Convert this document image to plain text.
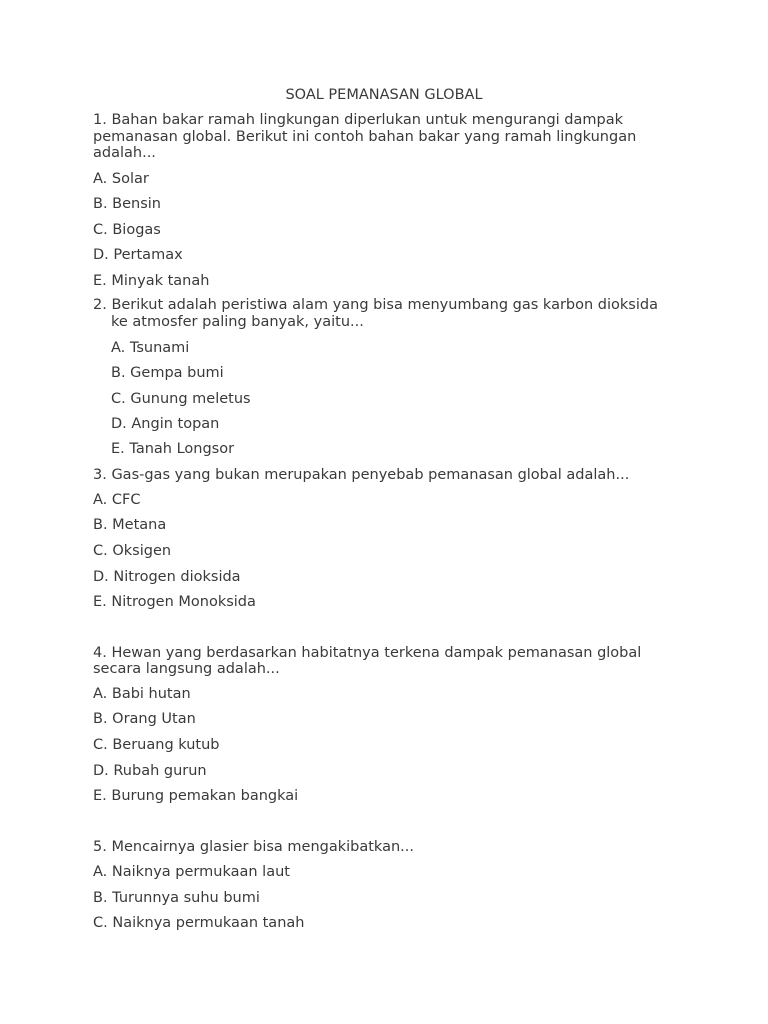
SOAL PEMANASAN GLOBAL
1. Bahan bakar ramah lingkungan diperlukan untuk mengurangi dampak
pemanasan global. Berikut ini contoh bahan bakar yang ramah lingkungan
adalah...
A. Solar
B. Bensin
C. Biogas
D. Pertamax
E. Minyak tanah
2. Berikut adalah peristiwa alam yang bisa menyumbang gas karbon dioksida
ke atmosfer paling banyak, yaitu...
A. Tsunami
B. Gempa bumi
C. Gunung meletus
D. Angin topan
E. Tanah Longsor
3. Gas-gas yang bukan merupakan penyebab pemanasan global adalah...
A. CFC
B. Metana
C. Oksigen
D. Nitrogen dioksida
E. Nitrogen Monoksida
4. Hewan yang berdasarkan habitatnya terkena dampak pemanasan global
secara langsung adalah...
A. Babi hutan
B. Orang Utan
C. Beruang kutub
D. Rubah gurun
E. Burung pemakan bangkai
5. Mencairnya glasier bisa mengakibatkan...
A. Naiknya permukaan laut
B. Turunnya suhu bumi
C. Naiknya permukaan tanah
